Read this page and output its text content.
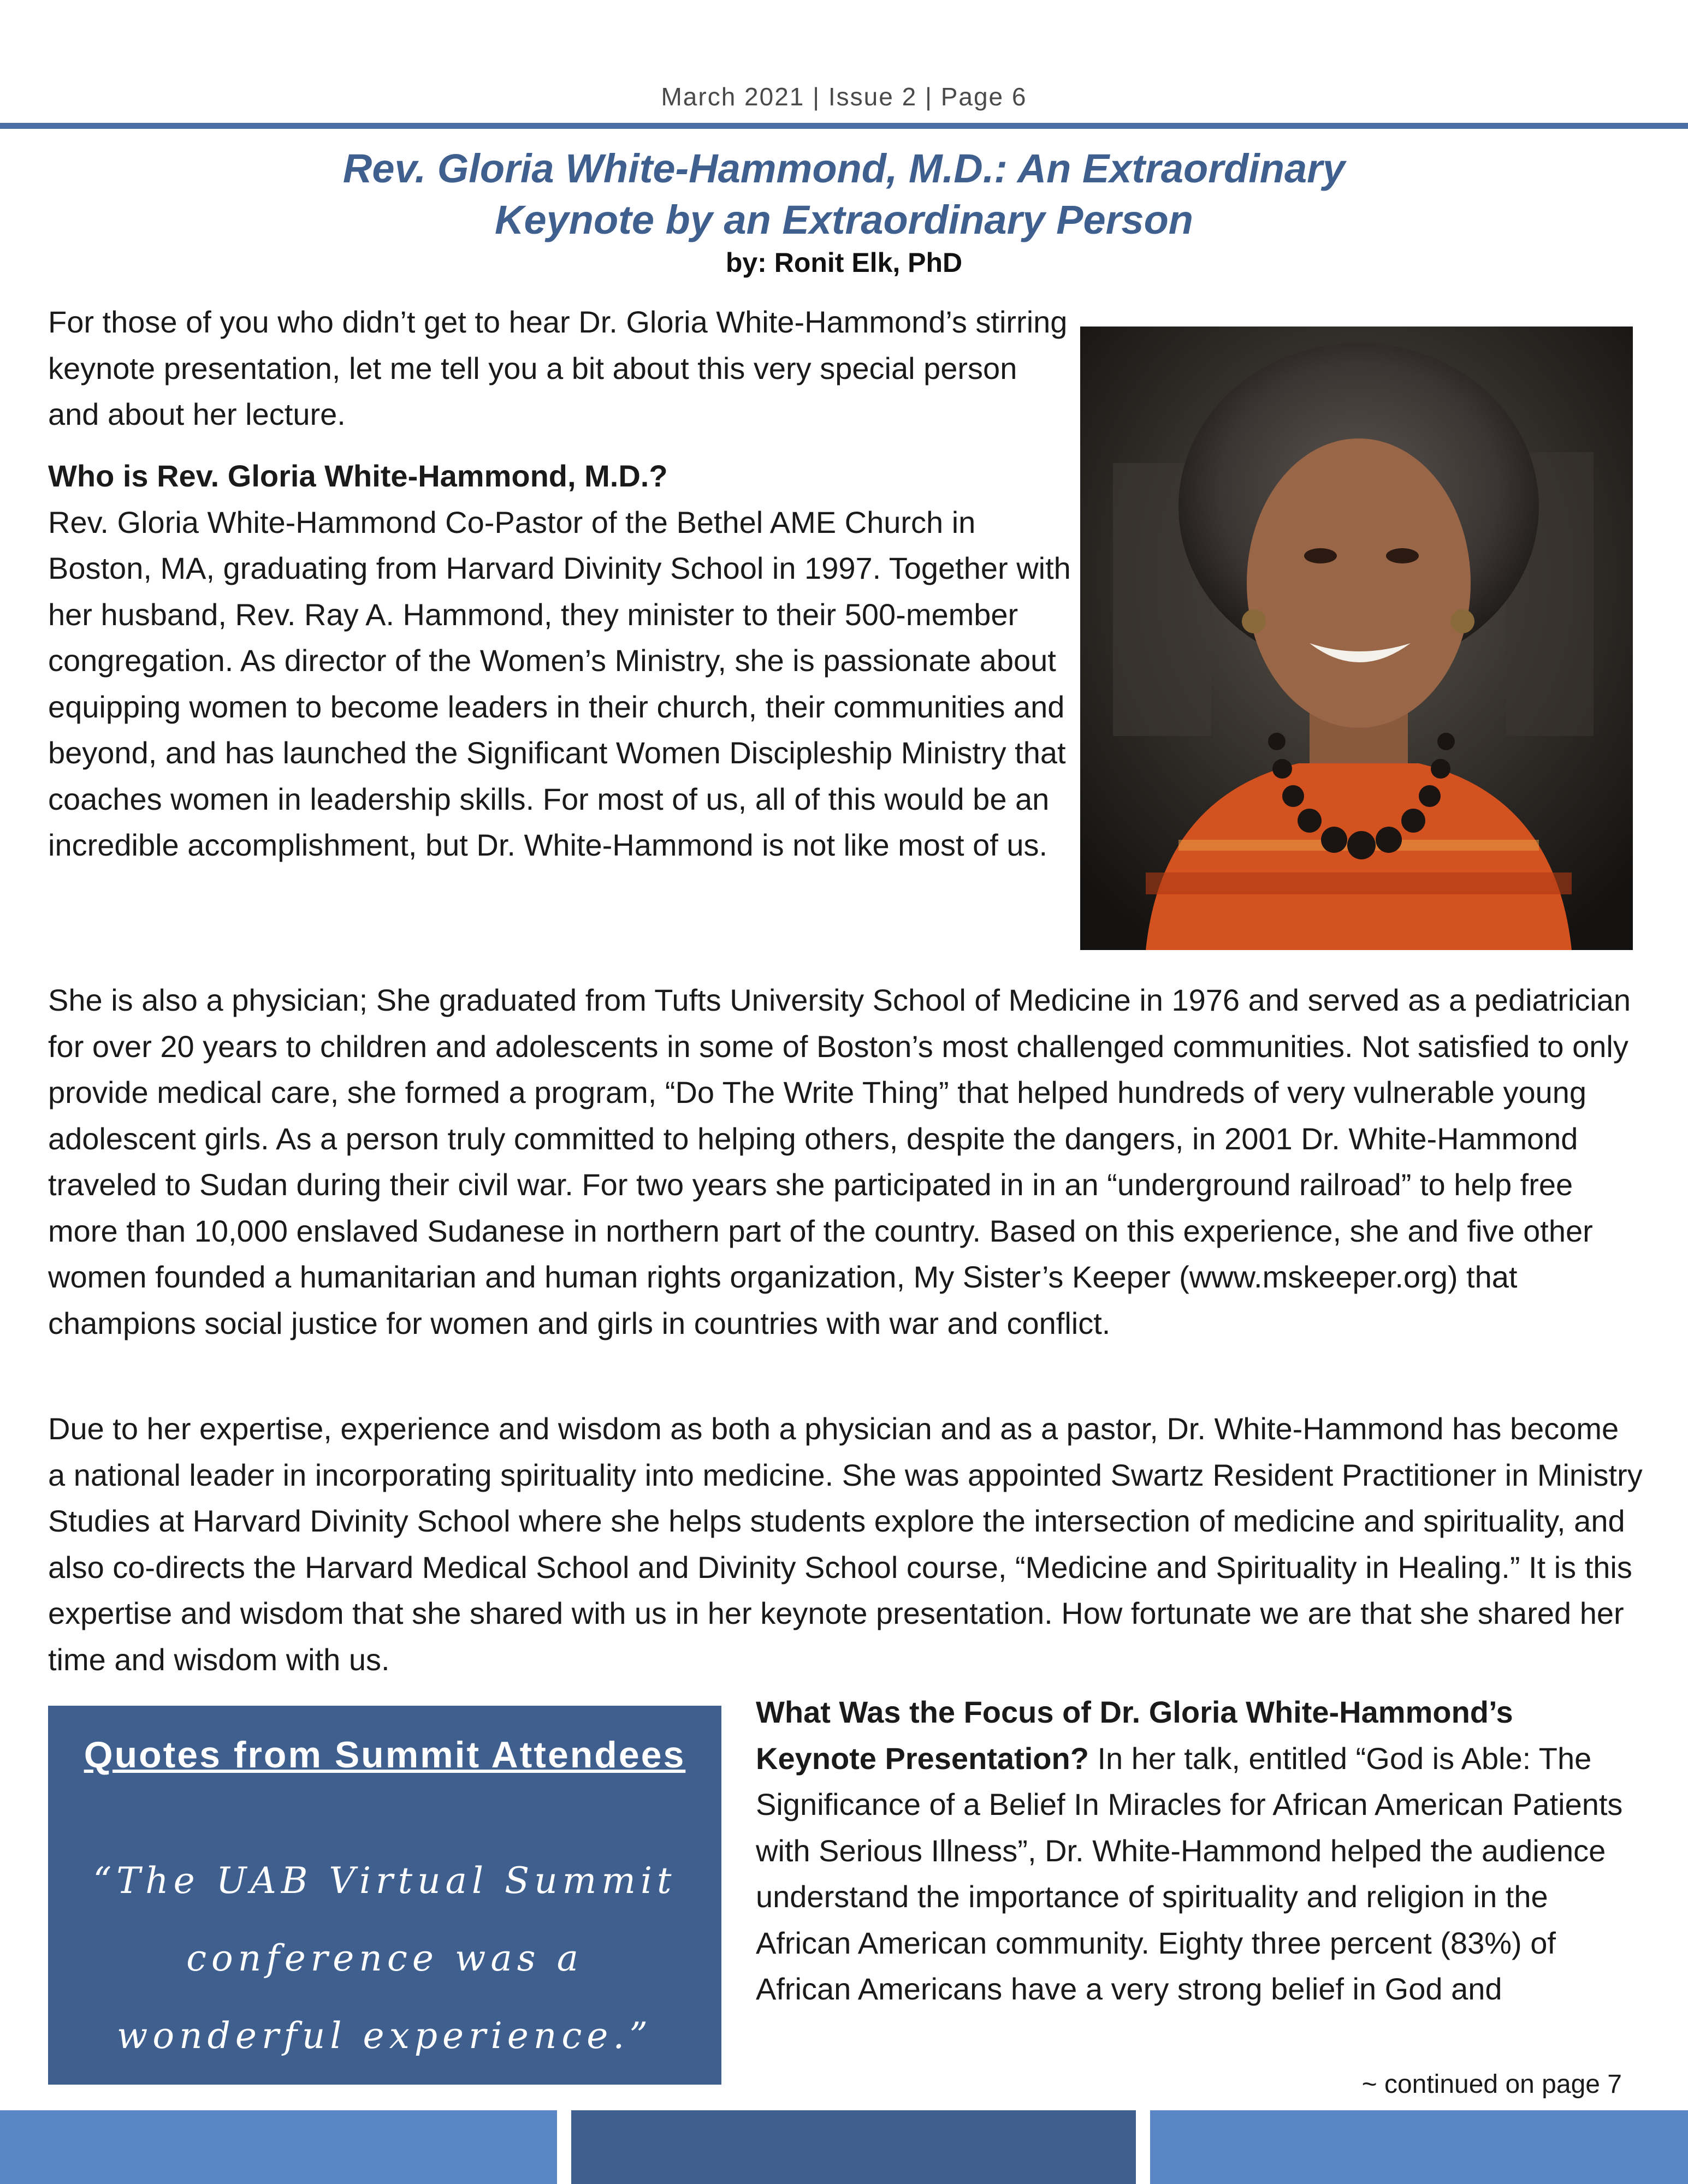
March 2021 | Issue 2 | Page 6
Rev. Gloria White-Hammond, M.D.: An Extraordinary
Keynote by an Extraordinary Person
by: Ronit Elk, PhD

For those of you who didn’t get to hear Dr. Gloria White-Hammond’s stirring keynote presentation, let me tell you a bit about this very special person and about her lecture.

Who is Rev. Gloria White-Hammond, M.D.?
Rev. Gloria White-Hammond Co-Pastor of the Bethel AME Church in Boston, MA, graduating from Harvard Divinity School in 1997. Together with her husband, Rev. Ray A. Hammond, they minister to their 500-member congregation. As director of the Women’s Ministry, she is passionate about equipping women to become leaders in their church, their communities and beyond, and has launched the Significant Women Discipleship Ministry that coaches women in leadership skills. For most of us, all of this would be an incredible accomplishment, but Dr. White-Hammond is not like most of us.

She is also a physician; She graduated from Tufts University School of Medicine in 1976 and served as a pediatrician for over 20 years to children and adolescents in some of Boston’s most challenged communities. Not satisfied to only provide medical care, she formed a program, “Do The Write Thing” that helped hundreds of very vulnerable young adolescent girls. As a person truly committed to helping others, despite the dangers, in 2001 Dr. White-Hammond traveled to Sudan during their civil war. For two years she participated in in an “underground railroad” to help free more than 10,000 enslaved Sudanese in northern part of the country. Based on this experience, she and five other women founded a humanitarian and human rights organization, My Sister’s Keeper (www.mskeeper.org) that champions social justice for women and girls in countries with war and conflict.

Due to her expertise, experience and wisdom as both a physician and as a pastor, Dr. White-Hammond has become a national leader in incorporating spirituality into medicine. She was appointed Swartz Resident Practitioner in Ministry Studies at Harvard Divinity School where she helps students explore the intersection of medicine and spirituality, and also co-directs the Harvard Medical School and Divinity School course, “Medicine and Spirituality in Healing.” It is this expertise and wisdom that she shared with us in her keynote presentation. How fortunate we are that she shared her time and wisdom with us.

Quotes from Summit Attendees
“The UAB Virtual Summit conference was a wonderful experience.”

What Was the Focus of Dr. Gloria White-Hammond’s Keynote Presentation? In her talk, entitled “God is Able: The Significance of a Belief In Miracles for African American Patients with Serious Illness”, Dr. White-Hammond helped the audience understand the importance of spirituality and religion in the African American community. Eighty three percent (83%) of African Americans have a very strong belief in God and

~ continued on page 7
